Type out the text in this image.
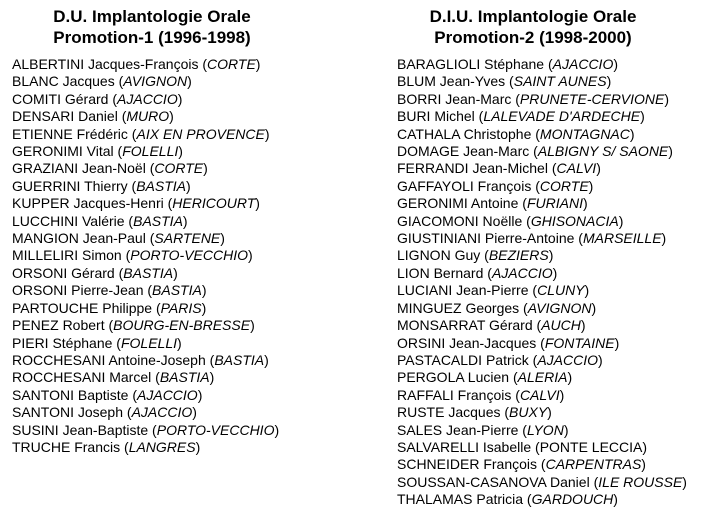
D.U. Implantologie Orale
Promotion-1 (1996-1998)
ALBERTINI Jacques-François (CORTE)
BLANC Jacques (AVIGNON)
COMITI Gérard (AJACCIO)
DENSARI Daniel (MURO)
ETIENNE Frédéric (AIX EN PROVENCE)
GERONIMI Vital (FOLELLI)
GRAZIANI Jean-Noël (CORTE)
GUERRINI Thierry (BASTIA)
KUPPER Jacques-Henri (HERICOURT)
LUCCHINI Valérie (BASTIA)
MANGION Jean-Paul (SARTENE)
MILLELIRI Simon (PORTO-VECCHIO)
ORSONI Gérard (BASTIA)
ORSONI Pierre-Jean (BASTIA)
PARTOUCHE Philippe (PARIS)
PENEZ Robert (BOURG-EN-BRESSE)
PIERI Stéphane (FOLELLI)
ROCCHESANI Antoine-Joseph (BASTIA)
ROCCHESANI Marcel (BASTIA)
SANTONI Baptiste (AJACCIO)
SANTONI Joseph (AJACCIO)
SUSINI Jean-Baptiste (PORTO-VECCHIO)
TRUCHE Francis (LANGRES)
D.I.U. Implantologie Orale
Promotion-2 (1998-2000)
BARAGLIOLI Stéphane (AJACCIO)
BLUM Jean-Yves (SAINT AUNES)
BORRI Jean-Marc (PRUNETE-CERVIONE)
BURI Michel (LALEVADE D'ARDECHE)
CATHALA Christophe (MONTAGNAC)
DOMAGE Jean-Marc (ALBIGNY S/ SAONE)
FERRANDI Jean-Michel (CALVI)
GAFFAYOLI François (CORTE)
GERONIMI Antoine (FURIANI)
GIACOMONI Noëlle (GHISONACIA)
GIUSTINIANI Pierre-Antoine (MARSEILLE)
LIGNON Guy (BEZIERS)
LION Bernard (AJACCIO)
LUCIANI Jean-Pierre (CLUNY)
MINGUEZ Georges (AVIGNON)
MONSARRAT Gérard (AUCH)
ORSINI Jean-Jacques (FONTAINE)
PASTACALDI Patrick (AJACCIO)
PERGOLA Lucien (ALERIA)
RAFFALI François (CALVI)
RUSTE Jacques (BUXY)
SALES Jean-Pierre (LYON)
SALVARELLI Isabelle (PONTE LECCIA)
SCHNEIDER François (CARPENTRAS)
SOUSSAN-CASANOVA Daniel (ILE ROUSSE)
THALAMAS Patricia (GARDOUCH)
